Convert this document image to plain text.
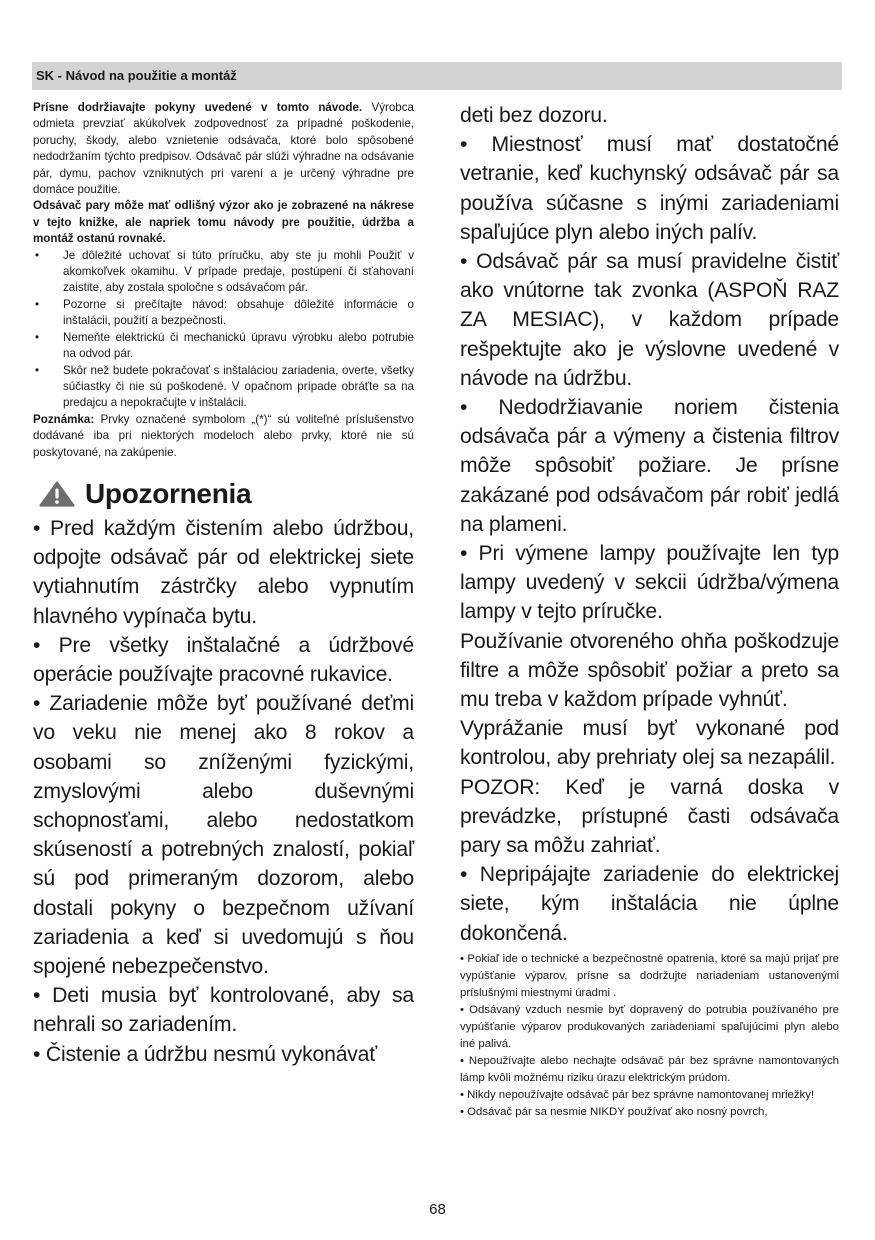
SK - Návod na použitie a montáž

Prísne dodržiavajte pokyny uvedené v tomto návode. Výrobca odmieta prevziať akúkoľvek zodpovednosť za prípadné poškodenie, poruchy, škody, alebo vznietenie odsávača, ktoré bolo spôsobené nedodržaním týchto predpisov. Odsávač pár slúži výhradne na odsávanie pár, dymu, pachov vzniknutých pri varení a je určený výhradne pre domáce použitie.

Odsávač pary môže mať odlišný výzor ako je zobrazené na nákrese v tejto knižke, ale napriek tomu návody pre použitie, údržba a montáž ostanú rovnaké.

• Je dôležité uchovať si túto príručku, aby ste ju mohli Použiť v akomkoľvek okamihu. V prípade predaje, postúpení či sťahovaní zaistite, aby zostala spoločne s odsávačom pár.
• Pozorne si prečítajte návod: obsahuje dôležité informácie o inštalácii, použití a bezpečnosti.
• Nemeňte elektrickú či mechanickú úpravu výrobku alebo potrubie na odvod pár.
• Skôr než budete pokračovať s inštaláciou zariadenia, overte, všetky súčiastky či nie sú poškodené. V opačnom prípade obráťte sa na predajcu a nepokračujte v inštalácii.

Poznámka: Prvky označené symbolom „(*)“ sú voliteľné príslušenstvo dodávané iba pri niektorých modeloch alebo prvky, ktoré nie sú poskytované, na zakúpenie.

Upozornenia

• Pred každým čistením alebo údržbou, odpojte odsávač pár od elektrickej siete vytiahnutím zástrčky alebo vypnutím hlavného vypínača bytu.

• Pre všetky inštalačné a údržbové operácie používajte pracovné rukavice.

• Zariadenie môže byť používané deťmi vo veku nie menej ako 8 rokov a osobami so zníženými fyzickými, zmyslovými alebo duševnými schopnosťami, alebo nedostatkom skúseností a potrebných znalostí, pokiaľ sú pod primeraným dozorom, alebo dostali pokyny o bezpečnom užívaní zariadenia a keď si uvedomujú s ňou spojené nebezpečenstvo.

• Deti musia byť kontrolované, aby sa nehrali so zariadením.

• Čistenie a údržbu nesmú vykonávať

deti bez dozoru.

• Miestnosť musí mať dostatočné vetranie, keď kuchynský odsávač pár sa používa súčasne s inými zariadeniami spaľujúce plyn alebo iných palív.

• Odsávač pár sa musí pravidelne čistiť ako vnútorne tak zvonka (ASPOŇ RAZ ZA MESIAC), v každom prípade rešpektujte ako je výslovne uvedené v návode na údržbu.

• Nedodržiavanie noriem čistenia odsávača pár a výmeny a čistenia filtrov môže spôsobiť požiare. Je prísne zakázané pod odsávačom pár robiť jedlá na plameni.

• Pri výmene lampy používajte len typ lampy uvedený v sekcii údržba/výmena lampy v tejto príručke.

Používanie otvoreného ohňa poškodzuje filtre a môže spôsobiť požiar a preto sa mu treba v každom prípade vyhnúť.

Vyprážanie musí byť vykonané pod kontrolou, aby prehriaty olej sa nezapálil.

POZOR: Keď je varná doska v prevádzke, prístupné časti odsávača pary sa môžu zahriať.

• Nepripájajte zariadenie do elektrickej siete, kým inštalácia nie úplne dokončená.

• Pokiaľ ide o technické a bezpečnostné opatrenia, ktoré sa majú prijať pre vypúšťanie výparov, prísne sa dodržujte nariadeniam ustanovenými príslušnými miestnymi úradmi .

• Odsávaný vzduch nesmie byť dopravený do potrubia používaného pre vypúšťanie výparov produkovaných zariadeniami spaľujúcimi plyn alebo iné palivá.

• Nepoužívajte alebo nechajte odsávač pár bez správne namontovaných lámp kvôli možnému riziku úrazu elektrickým prúdom.

• Nikdy nepoužívajte odsávač pár bez správne namontovanej mriežky!

• Odsávač pár sa nesmie NIKDY používať ako nosný povrch,

68
